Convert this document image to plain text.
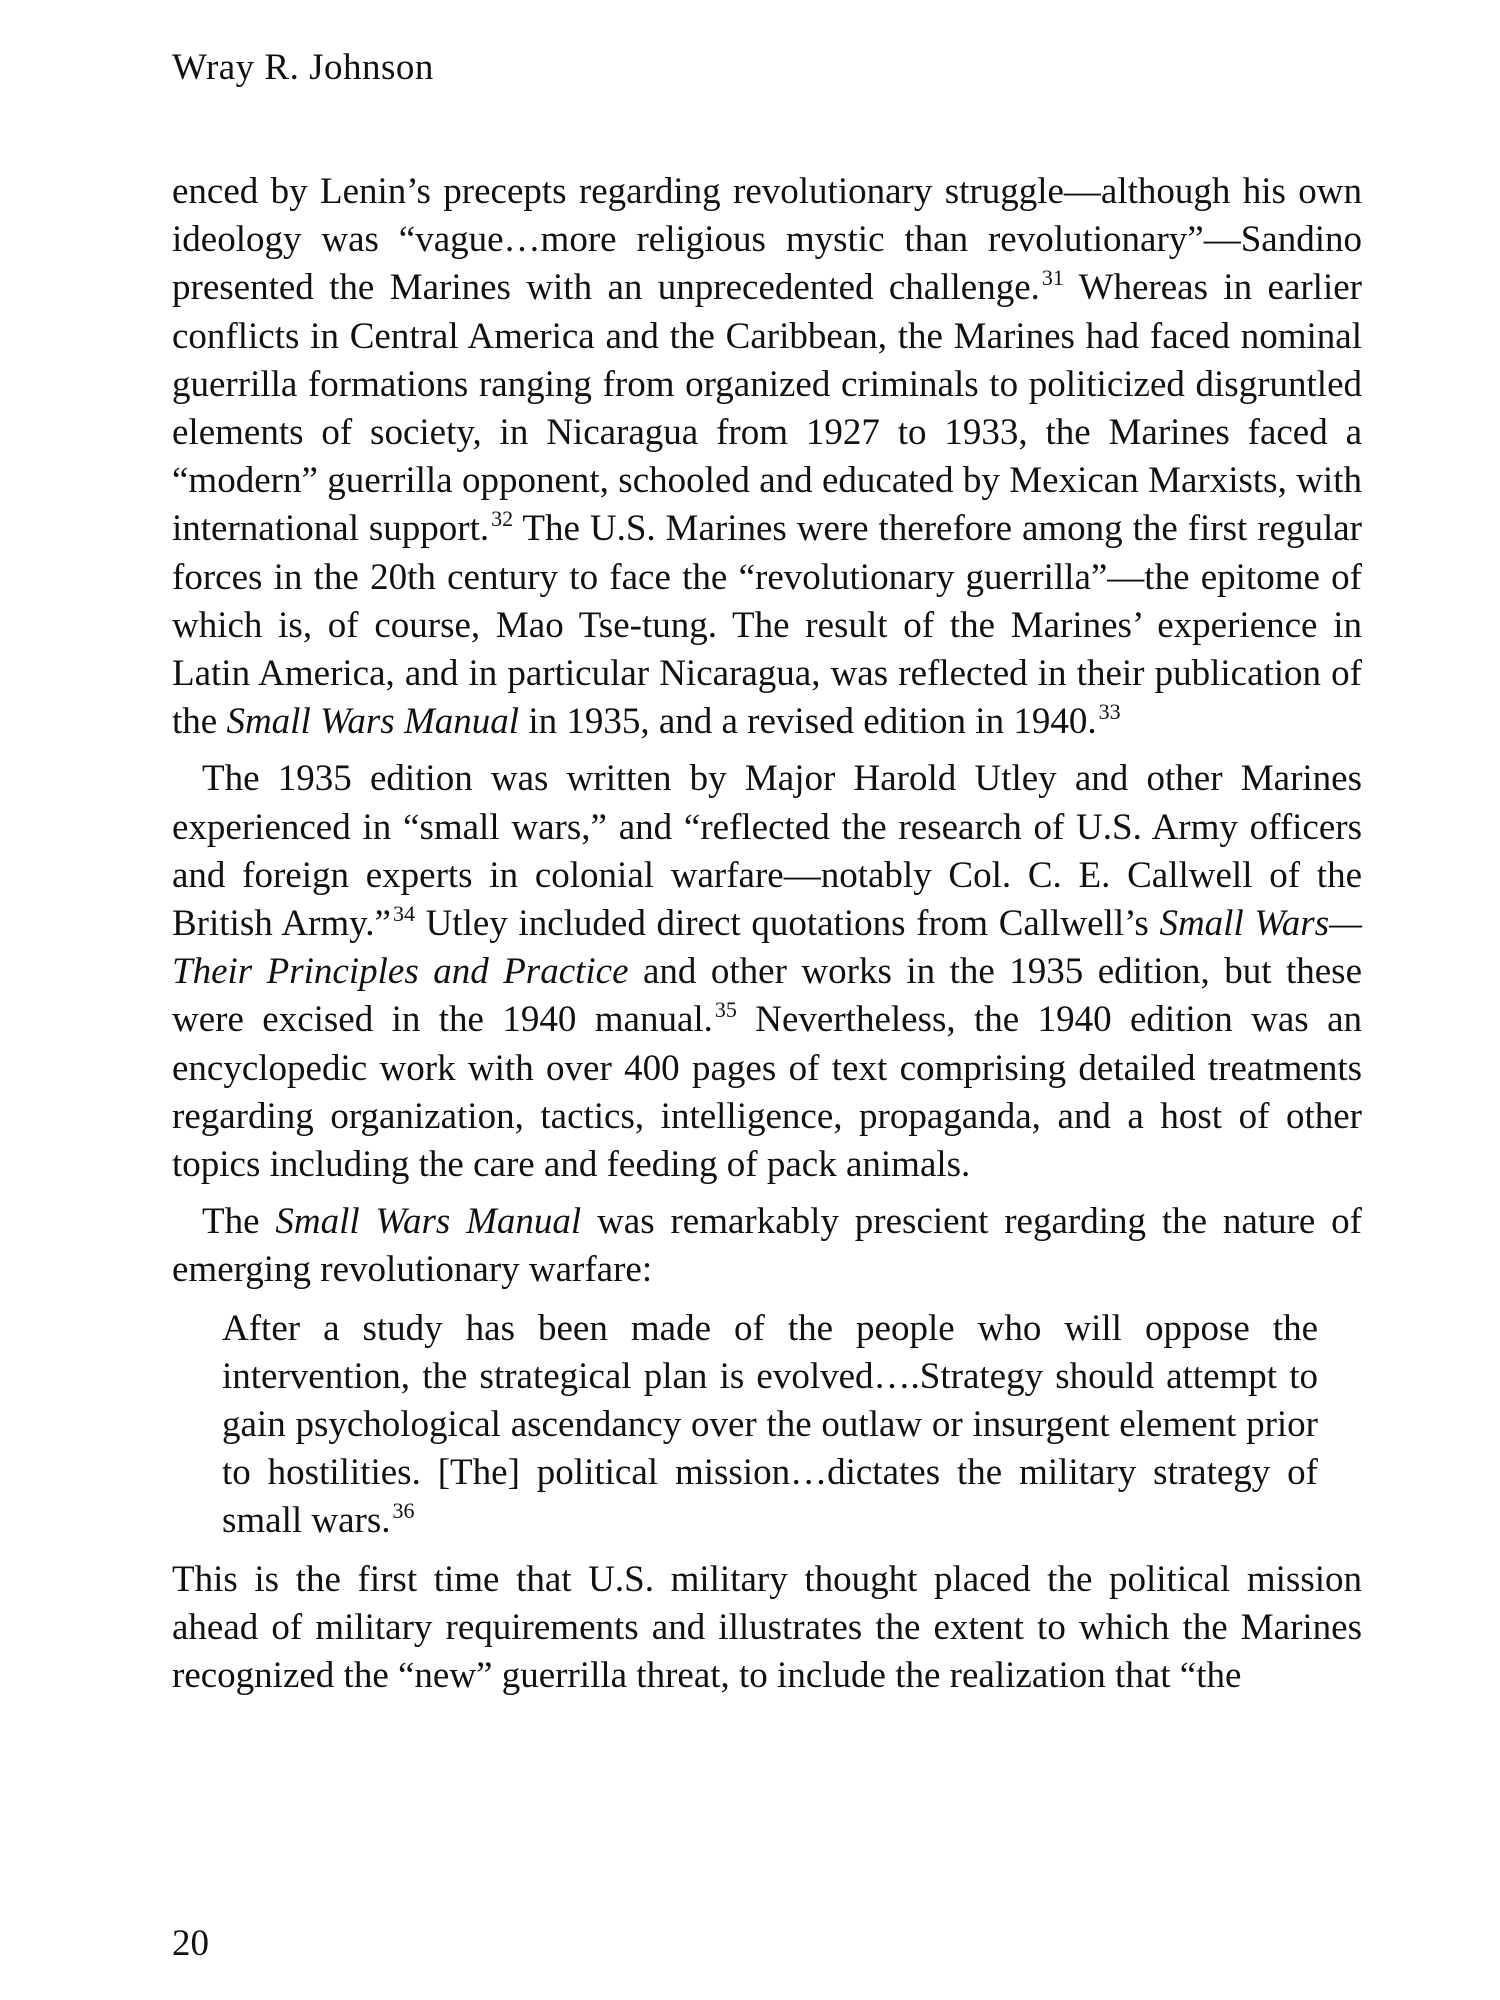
Wray R. Johnson

enced by Lenin’s precepts regarding revolutionary struggle—although his own ideology was “vague…more religious mystic than revolutionary”—Sandino presented the Marines with an unprecedented challenge.$^{31}$ Whereas in earlier conflicts in Central America and the Caribbean, the Marines had faced nominal guerrilla formations ranging from organized criminals to politicized disgruntled elements of society, in Nicaragua from 1927 to 1933, the Marines faced a “modern” guerrilla opponent, schooled and educated by Mexican Marxists, with international support.$^{32}$ The U.S. Marines were therefore among the first regular forces in the 20th century to face the “revolutionary guerrilla”—the epitome of which is, of course, Mao Tse-tung. The result of the Marines’ experience in Latin America, and in particular Nicaragua, was reflected in their publication of the Small Wars Manual in 1935, and a revised edition in 1940.33

The 1935 edition was written by Major Harold Utley and other Marines experienced in “small wars,” and “reflected the research of U.S. Army officers and foreign experts in colonial warfare—notably Col. C. E. Callwell of the British Army.”$^{34}$ Utley included direct quotations from Callwell’s Small Wars—Their Principles and Practice and other works in the 1935 edition, but these were excised in the 1940 manual.$^{35}$ Nevertheless, the 1940 edition was an encyclopedic work with over 400 pages of text comprising detailed treatments regarding organization, tactics, intelligence, propaganda, and a host of other topics including the care and feeding of pack animals.

The Small Wars Manual was remarkably prescient regarding the nature of emerging revolutionary warfare:

After a study has been made of the people who will oppose the intervention, the strategical plan is evolved….Strategy should attempt to gain psychological ascendancy over the outlaw or insurgent element prior to hostilities. [The] political mission…dictates the military strategy of small wars.$^{36}$

This is the first time that U.S. military thought placed the political mission ahead of military requirements and illustrates the extent to which the Marines recognized the “new” guerrilla threat, to include the realization that “the

20
